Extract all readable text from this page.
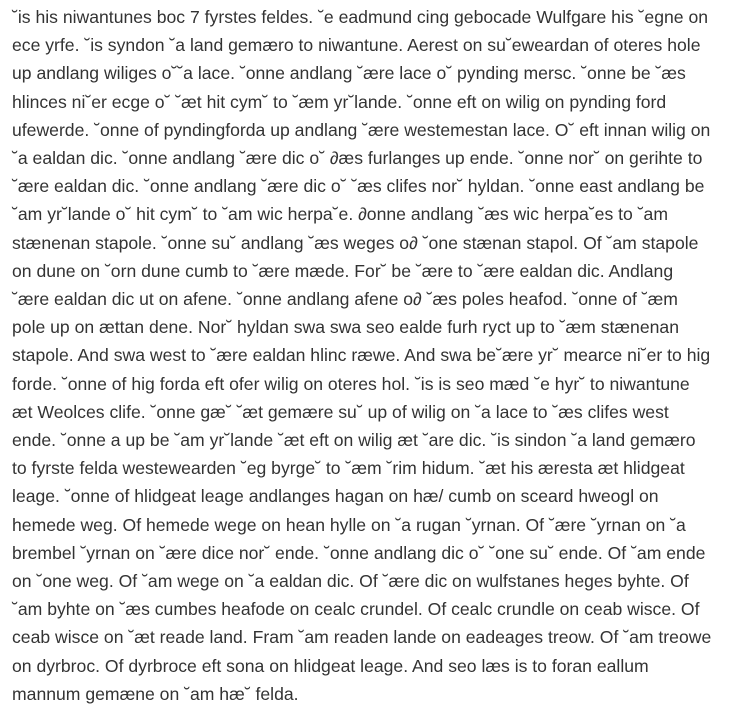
˘is his niwantunes boc 7 fyrstes feldes. ˘e eadmund cing gebocade Wulfgare his ˘egne on

ece yrfe. ˘is syndon ˘a land gemæro to niwantune. Aerest on su˘eweardan of oteres hole

up andlang wiliges o˘˘a lace. ˘onne andlang ˘ære lace o˘ pynding mersc. ˘onne be ˘æs

hlinces ni˘er ecge o˘ ˘æt hit cym˘ to ˘æm yr˘lande. ˘onne eft on wilig on pynding ford

ufewerde. ˘onne of pyndingforda up andlang ˘ære westemestan lace. O˘ eft innan wilig on

˘a ealdan dic. ˘onne andlang ˘ære dic o˘ ∂æs furlanges up ende. ˘onne nor˘ on gerihte to

˘ære ealdan dic. ˘onne andlang ˘ære dic o˘ ˘æs clifes nor˘ hyldan. ˘onne east andlang be

˘am yr˘lande o˘ hit cym˘ to ˘am wic herpa˘e. ∂onne andlang ˘æs wic herpa˘es to ˘am

stænenan stapole. ˘onne su˘ andlang ˘æs weges o∂ ˘one stænan stapol. Of ˘am stapole

on dune on ˘orn dune cumb to ˘ære mæde. For˘ be ˘ære to ˘ære ealdan dic. Andlang

˘ære ealdan dic ut on afene. ˘onne andlang afene o∂ ˘æs poles heafod. ˘onne of ˘æm

pole up on ættan dene. Nor˘ hyldan swa swa seo ealde furh ryct up to ˘æm stænenan

stapole. And swa west to ˘ære ealdan hlinc ræwe. And swa be˘ære yr˘ mearce ni˘er to hig

forde. ˘onne of hig forda eft ofer wilig on oteres hol. ˘is is seo mæd ˘e hyr˘ to niwantune

æt Weolces clife. ˘onne gæ˘ ˘æt gemære su˘ up of wilig on ˘a lace to ˘æs clifes west

ende. ˘onne a up be ˘am yr˘lande ˘æt eft on wilig æt ˘are dic. ˘is sindon ˘a land gemæro

to fyrste felda westewearden ˘eg byrge˘ to ˘æm ˘rim hidum. ˘æt his æresta æt hlidgeat

leage. ˘onne of hlidgeat leage andlanges hagan on hæ/ cumb on sceard hweogl on

hemede weg. Of hemede wege on hean hylle on ˘a rugan ˘yrnan. Of ˘ære ˘yrnan on ˘a

brembel ˘yrnan on ˘ære dice nor˘ ende. ˘onne andlang dic o˘ ˘one su˘ ende. Of ˘am ende

on ˘one weg. Of ˘am wege on ˘a ealdan dic. Of ˘ære dic on wulfstanes heges byhte. Of

˘am byhte on ˘æs cumbes heafode on cealc crundel. Of cealc crundle on ceab wisce. Of

ceab wisce on ˘æt reade land. Fram ˘am readen lande on eadeages treow. Of ˘am treowe

on dyrbroc. Of dyrbroce eft sona on hlidgeat leage. And seo læs is to foran eallum

mannum gemæne on ˘am hæ˘ felda.
